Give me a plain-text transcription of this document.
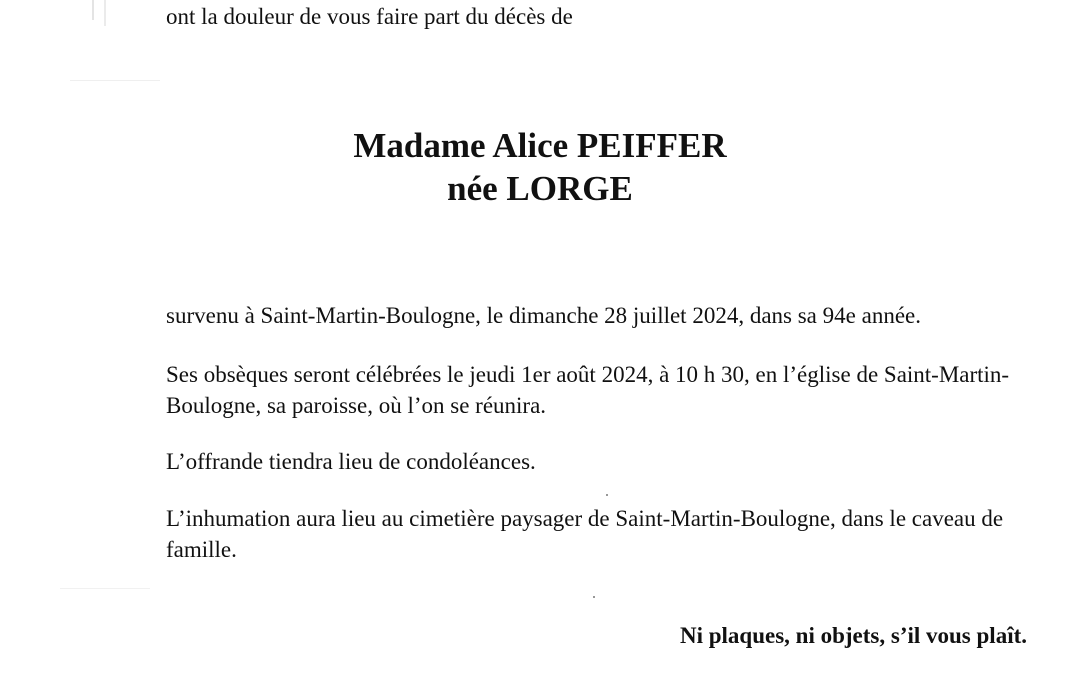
ont la douleur de vous faire part du décès de
Madame Alice PEIFFER
née LORGE
survenu à Saint-Martin-Boulogne, le dimanche 28 juillet 2024, dans sa 94e année.
Ses obsèques seront célébrées le jeudi 1er août 2024, à 10 h 30, en l’église de Saint-Martin-Boulogne, sa paroisse, où l’on se réunira.
L’offrande tiendra lieu de condoléances.
L’inhumation aura lieu au cimetière paysager de Saint-Martin-Boulogne, dans le caveau de famille.
Ni plaques, ni objets, s’il vous plaît.
